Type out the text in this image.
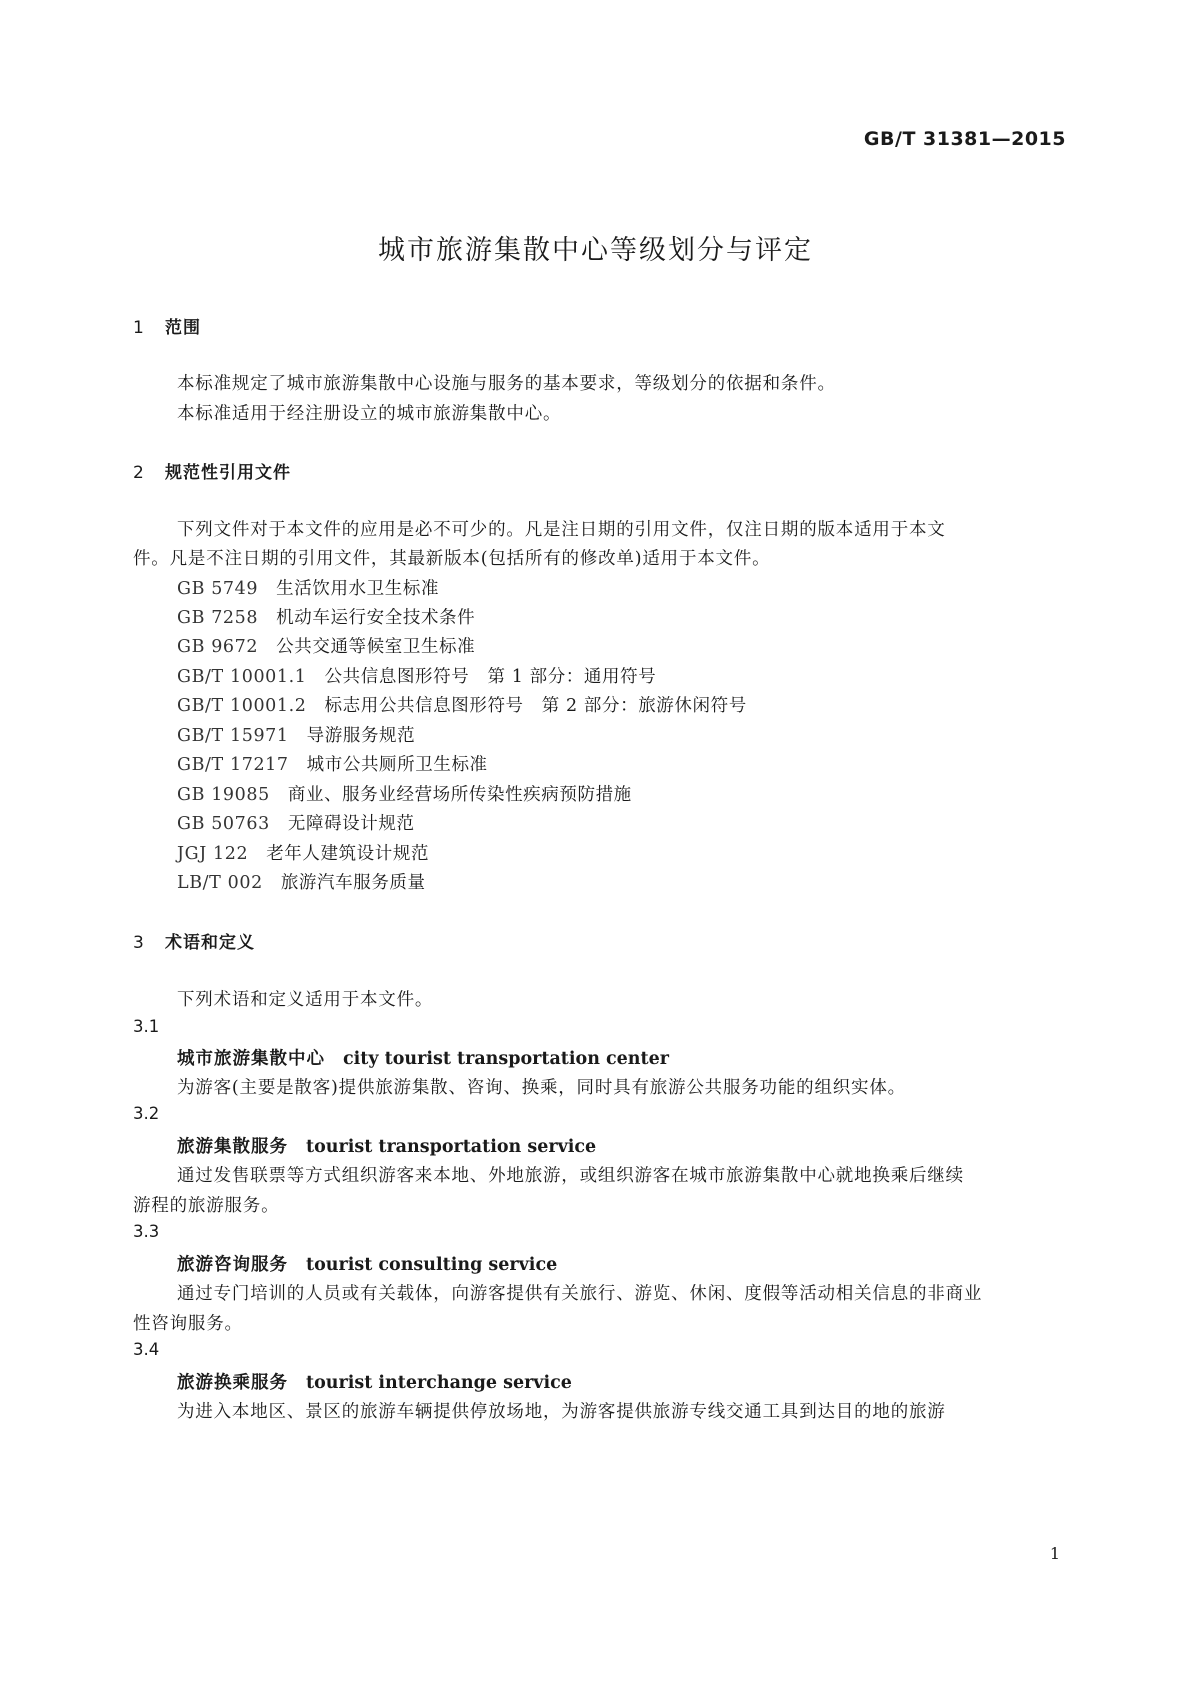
GB/T 31381—2015
城市旅游集散中心等级划分与评定
1 范围
本标准规定了城市旅游集散中心设施与服务的基本要求，等级划分的依据和条件。
本标准适用于经注册设立的城市旅游集散中心。
2 规范性引用文件
下列文件对于本文件的应用是必不可少的。凡是注日期的引用文件，仅注日期的版本适用于本文
件。凡是不注日期的引用文件，其最新版本(包括所有的修改单)适用于本文件。
GB 5749 生活饮用水卫生标准
GB 7258 机动车运行安全技术条件
GB 9672 公共交通等候室卫生标准
GB/T 10001.1 公共信息图形符号　第 1 部分：通用符号
GB/T 10001.2 标志用公共信息图形符号　第 2 部分：旅游休闲符号
GB/T 15971 导游服务规范
GB/T 17217 城市公共厕所卫生标准
GB 19085 商业、服务业经营场所传染性疾病预防措施
GB 50763 无障碍设计规范
JGJ 122 老年人建筑设计规范
LB/T 002 旅游汽车服务质量
3 术语和定义
下列术语和定义适用于本文件。
3.1
城市旅游集散中心 city tourist transportation center
为游客(主要是散客)提供旅游集散、咨询、换乘，同时具有旅游公共服务功能的组织实体。
3.2
旅游集散服务 tourist transportation service
通过发售联票等方式组织游客来本地、外地旅游，或组织游客在城市旅游集散中心就地换乘后继续
游程的旅游服务。
3.3
旅游咨询服务 tourist consulting service
通过专门培训的人员或有关载体，向游客提供有关旅行、游览、休闲、度假等活动相关信息的非商业
性咨询服务。
3.4
旅游换乘服务 tourist interchange service
为进入本地区、景区的旅游车辆提供停放场地，为游客提供旅游专线交通工具到达目的地的旅游
1
